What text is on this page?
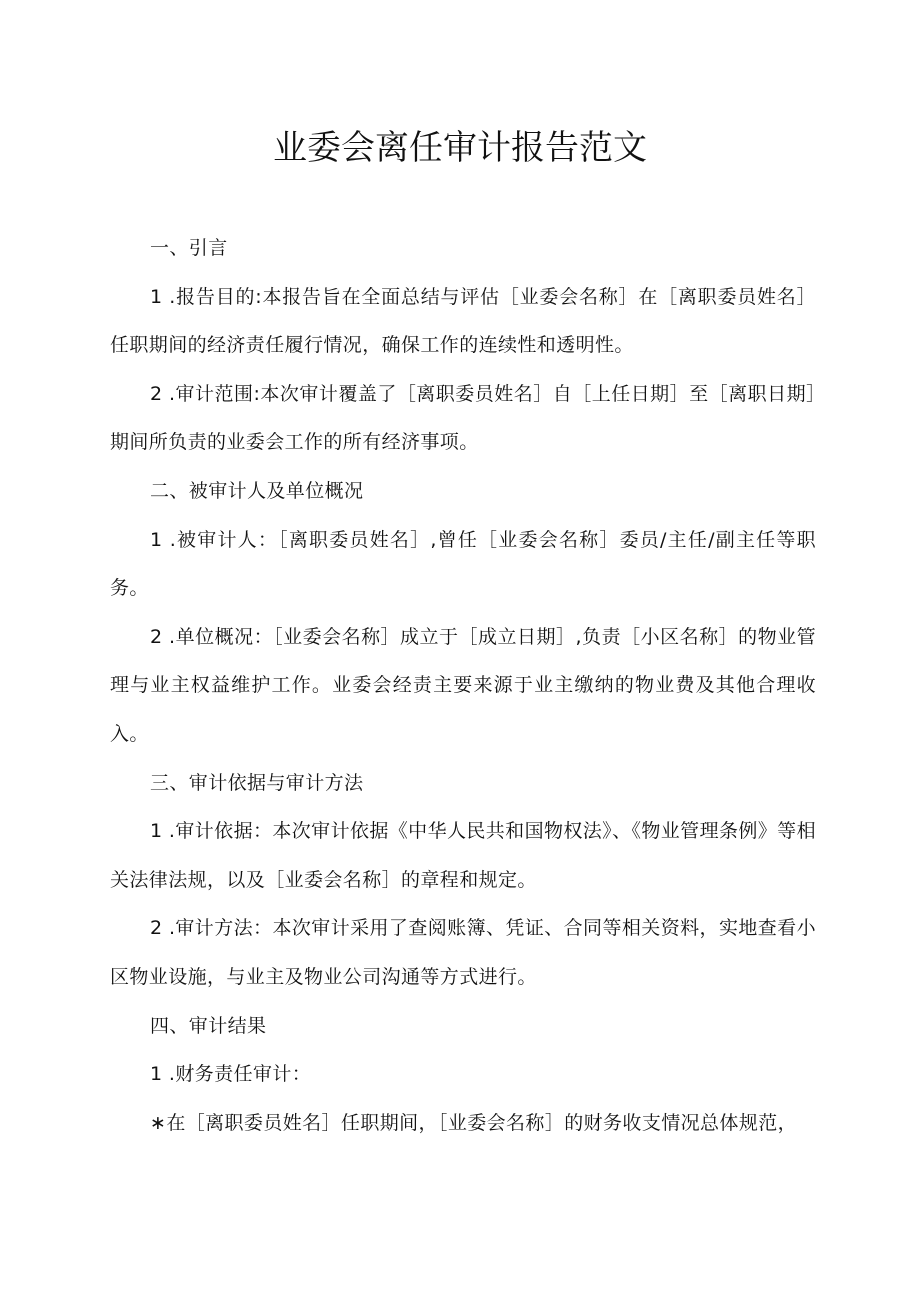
业委会离任审计报告范文

一、引言

1 .报告目的:本报告旨在全面总结与评估［业委会名称］在［离职委员姓名］任职期间的经济责任履行情况，确保工作的连续性和透明性。

2 .审计范围:本次审计覆盖了［离职委员姓名］自［上任日期］至［离职日期］期间所负责的业委会工作的所有经济事项。

二、被审计人及单位概况

1 .被审计人：［离职委员姓名］,曾任［业委会名称］委员/主任/副主任等职务。

2 .单位概况：［业委会名称］成立于［成立日期］,负责［小区名称］的物业管理与业主权益维护工作。业委会经责主要来源于业主缴纳的物业费及其他合理收入。

三、审计依据与审计方法

1 .审计依据：本次审计依据《中华人民共和国物权法》、《物业管理条例》等相关法律法规，以及［业委会名称］的章程和规定。

2 .审计方法：本次审计采用了查阅账簿、凭证、合同等相关资料，实地查看小区物业设施，与业主及物业公司沟通等方式进行。

四、审计结果

1 .财务责任审计：

∗在［离职委员姓名］任职期间，［业委会名称］的财务收支情况总体规范，
